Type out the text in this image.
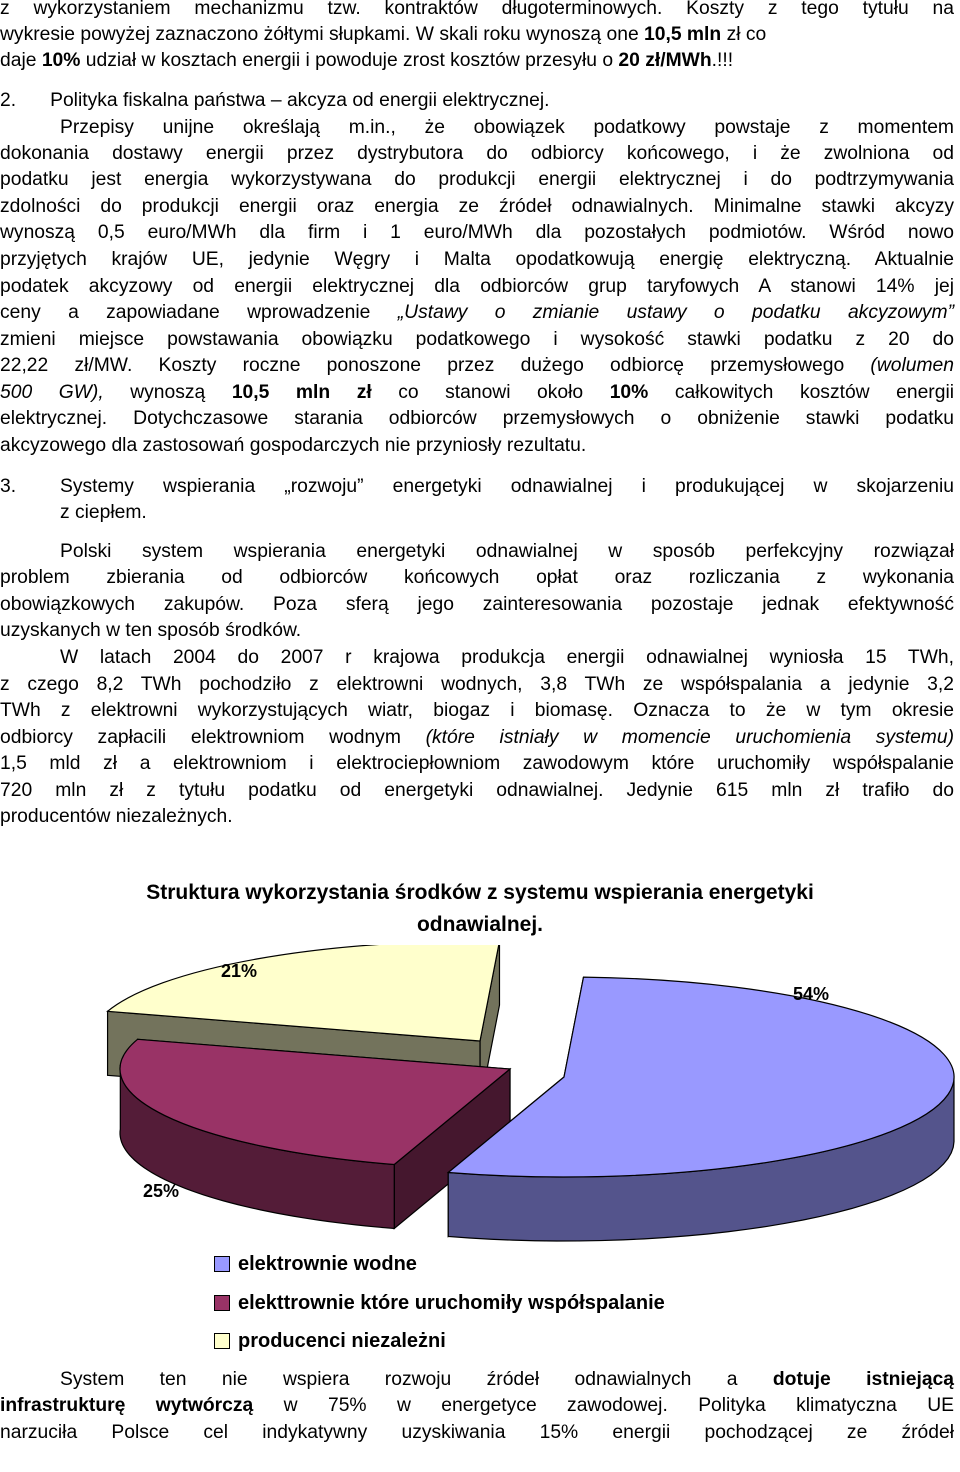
z wykorzystaniem mechanizmu tzw. kontraktów długoterminowych. Koszty z tego tytułu na
wykresie powyżej zaznaczono żółtymi słupkami. W skali roku wynoszą one 10,5 mln zł co
daje 10% udział w kosztach energii i powoduje zrost kosztów przesyłu o 20 zł/MWh.!!!
2. Polityka fiskalna państwa – akcyza od energii elektrycznej.
Przepisy unijne określają m.in., że obowiązek podatkowy powstaje z momentem
dokonania dostawy energii przez dystrybutora do odbiorcy końcowego, i że zwolniona od
podatku jest energia wykorzystywana do produkcji energii elektrycznej i do podtrzymywania
zdolności do produkcji energii oraz energia ze źródeł odnawialnych. Minimalne stawki akcyzy
wynoszą 0,5 euro/MWh dla firm i 1 euro/MWh dla pozostałych podmiotów. Wśród nowo
przyjętych krajów UE, jedynie Węgry i Malta opodatkowują energię elektryczną. Aktualnie
podatek akcyzowy od energii elektrycznej dla odbiorców grup taryfowych A stanowi 14% jej
ceny a zapowiadane wprowadzenie „Ustawy o zmianie ustawy o podatku akcyzowym”
zmieni miejsce powstawania obowiązku podatkowego i wysokość stawki podatku z 20 do
22,22 zł/MW. Koszty roczne ponoszone przez dużego odbiorcę przemysłowego (wolumen
500 GW), wynoszą 10,5 mln zł co stanowi około 10% całkowitych kosztów energii
elektrycznej. Dotychczasowe starania odbiorców przemysłowych o obniżenie stawki podatku
akcyzowego dla zastosowań gospodarczych nie przyniosły rezultatu.
3. Systemy wspierania „rozwoju” energetyki odnawialnej i produkującej w skojarzeniu
z ciepłem.
Polski system wspierania energetyki odnawialnej w sposób perfekcyjny rozwiązał
problem zbierania od odbiorców końcowych opłat oraz rozliczania z wykonania
obowiązkowych zakupów. Poza sferą jego zainteresowania pozostaje jednak efektywność
uzyskanych w ten sposób środków.
W latach 2004 do 2007 r krajowa produkcja energii odnawialnej wyniosła 15 TWh,
z czego 8,2 TWh pochodziło z elektrowni wodnych, 3,8 TWh ze współspalania a jedynie 3,2
TWh z elektrowni wykorzystujących wiatr, biogaz i biomasę. Oznacza to że w tym okresie
odbiorcy zapłacili elektrowniom wodnym (które istniały w momencie uruchomienia systemu)
1,5 mld zł a elektrowniom i elektrociepłowniom zawodowym które uruchomiły współspalanie
720 mln zł z tytułu podatku od energetyki odnawialnej. Jedynie 615 mln zł trafiło do
producentów niezależnych.
Struktura wykorzystania środków z systemu wspierania energetyki odnawialnej.
54%
25%
21%
elektrownie wodne
elekttrownie które uruchomiły współspalanie
producenci niezależni
System ten nie wspiera rozwoju źródeł odnawialnych a dotuje istniejącą
infrastrukturę wytwórczą w 75% w energetyce zawodowej. Polityka klimatyczna UE
narzuciła Polsce cel indykatywny uzyskiwania 15% energii pochodzącej ze źródeł
